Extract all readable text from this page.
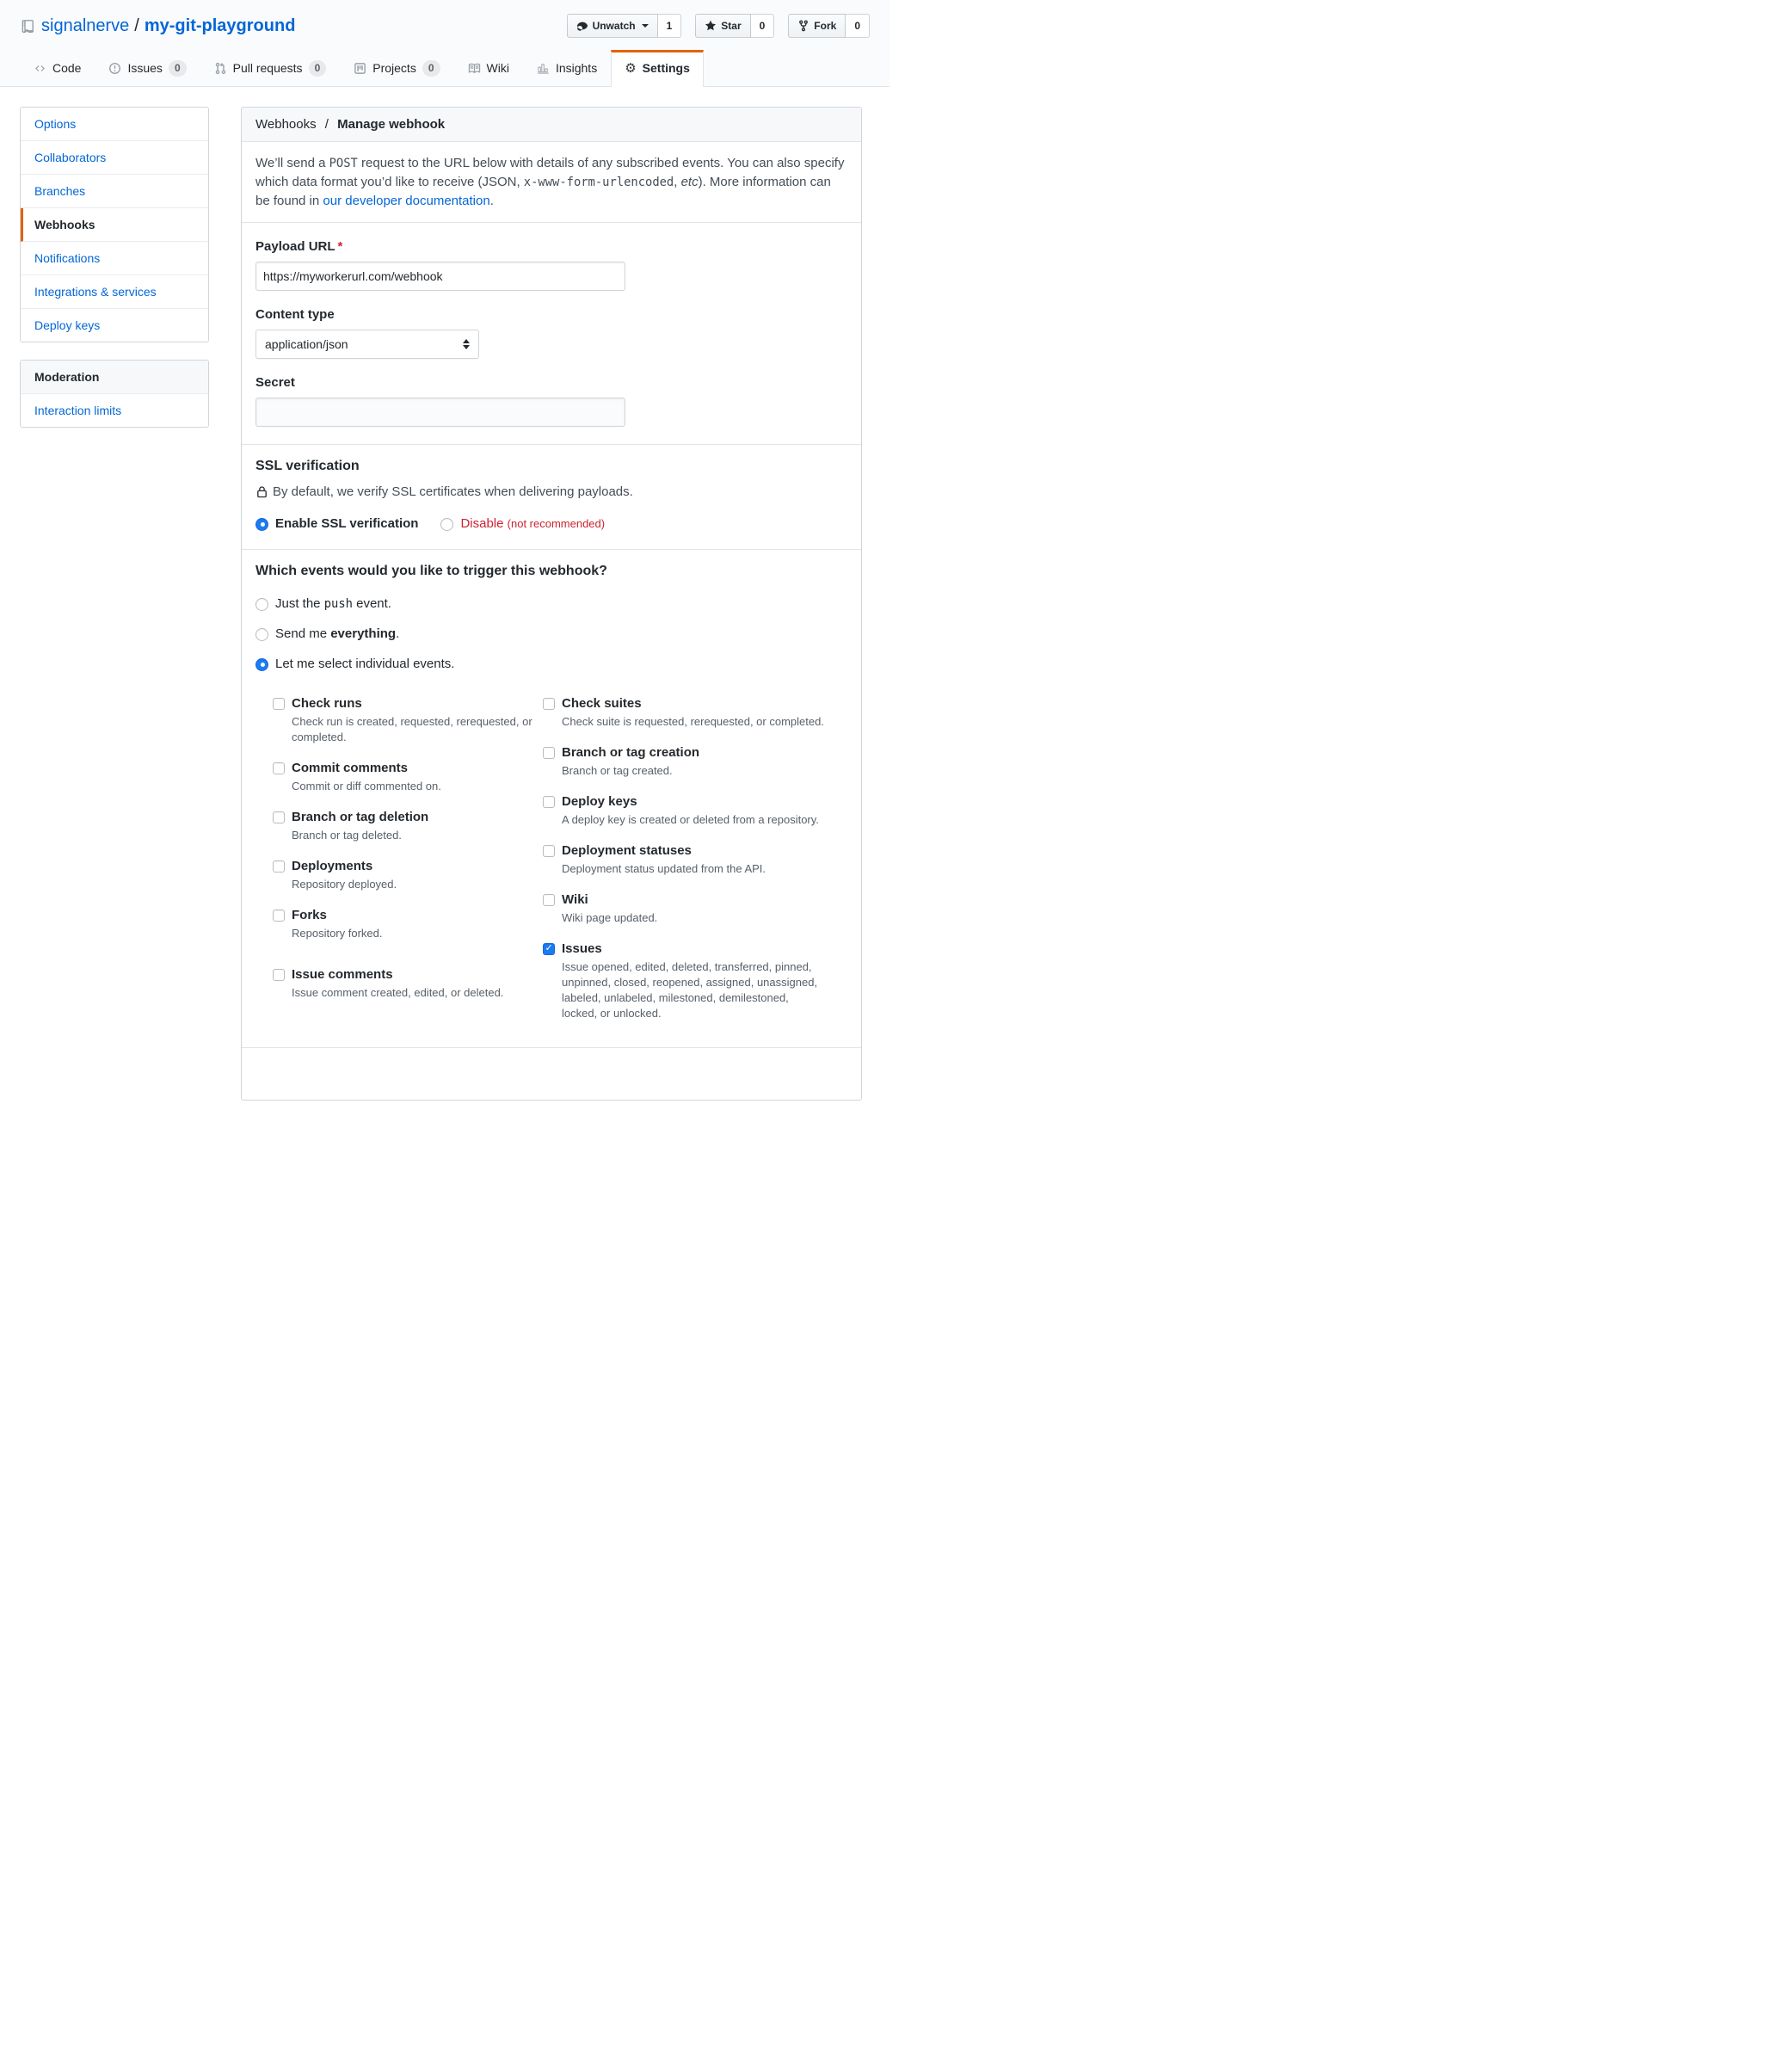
signalnerve / my-git-playground	Unwatch	1	Star	0	Fork	0
Code	Issues	0	Pull requests	0	Projects	0	Wiki	Insights ⚙ Settings
Options
Collaborators
Branches
Webhooks
Notifications
Integrations & services
Deploy keys
Moderation
Interaction limits
Webhooks / Manage webhook

We’ll send a POST request to the URL below with details of any subscribed events. You can also specify which data format you’d like to receive (JSON, x-www-form-urlencoded, etc). More information can be found in our developer documentation.

Payload URL *
https://myworkerurl.com/webhook
Content type
application/json
Secret
SSL verification
By default, we verify SSL certificates when delivering payloads.
Enable SSL verification	Disable (not recommended)
Which events would you like to trigger this webhook?
Just the push event.
Send me everything.
Let me select individual events.
Check runs
Check run is created, requested, rerequested, or completed.
Commit comments
Commit or diff commented on.
Branch or tag deletion
Branch or tag deleted.
Deployments
Repository deployed.
Forks
Repository forked.
Issue comments
Issue comment created, edited, or deleted.
Check suites
Check suite is requested, rerequested, or completed.
Branch or tag creation
Branch or tag created.
Deploy keys
A deploy key is created or deleted from a repository.
Deployment statuses
Deployment status updated from the API.
Wiki
Wiki page updated.
✓
Issues
Issue opened, edited, deleted, transferred, pinned, unpinned, closed, reopened, assigned, unassigned, labeled, unlabeled, milestoned, demilestoned, locked, or unlocked.
